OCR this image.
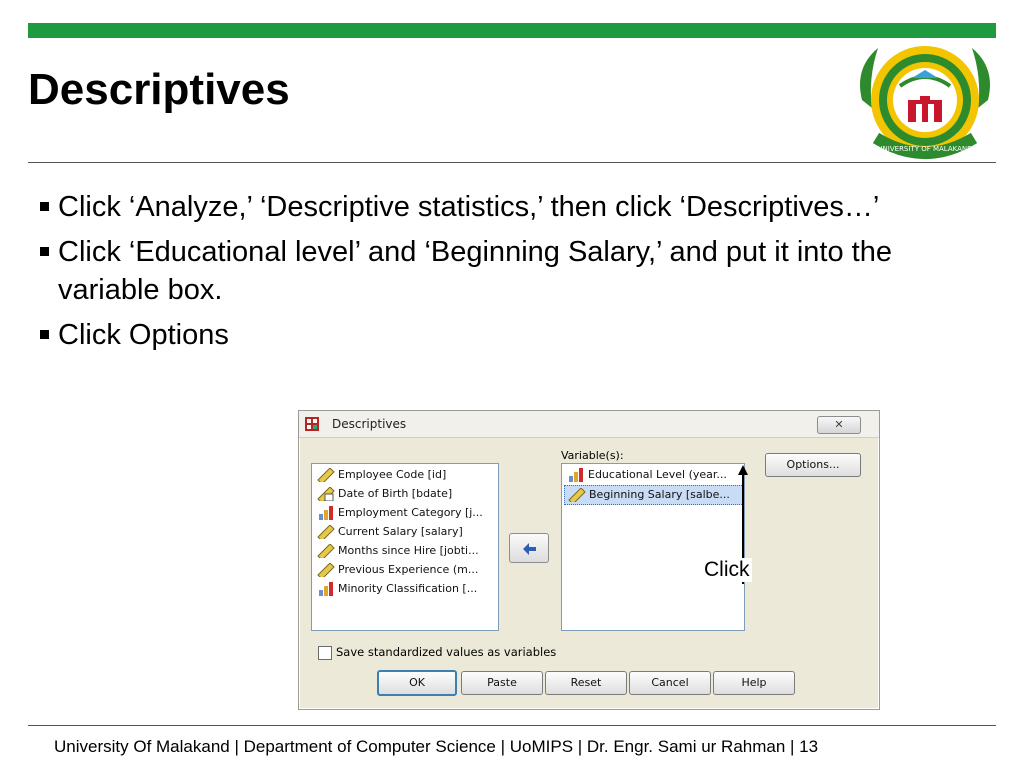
Descriptives
UNIVERSITY OF MALAKAND
Click ‘Analyze,’ ‘Descriptive statistics,’ then click ‘Descriptives…’
Click ‘Educational level’ and ‘Beginning Salary,’ and put it into the variable box.
Click Options
Descriptives	✕
Employee Code [id]
Date of Birth [bdate]
Employment Category [j...
Current Salary [salary]
Months since Hire [jobti...
Previous Experience (m...
Minority Classification [...
Variable(s):
Educational Level (year...
Beginning Salary [salbe...
Options...
Click
Save standardized values as variables
OK	Paste	Reset	Cancel	Help
University Of Malakand | Department of Computer Science | UoMIPS | Dr. Engr. Sami ur Rahman | 13
